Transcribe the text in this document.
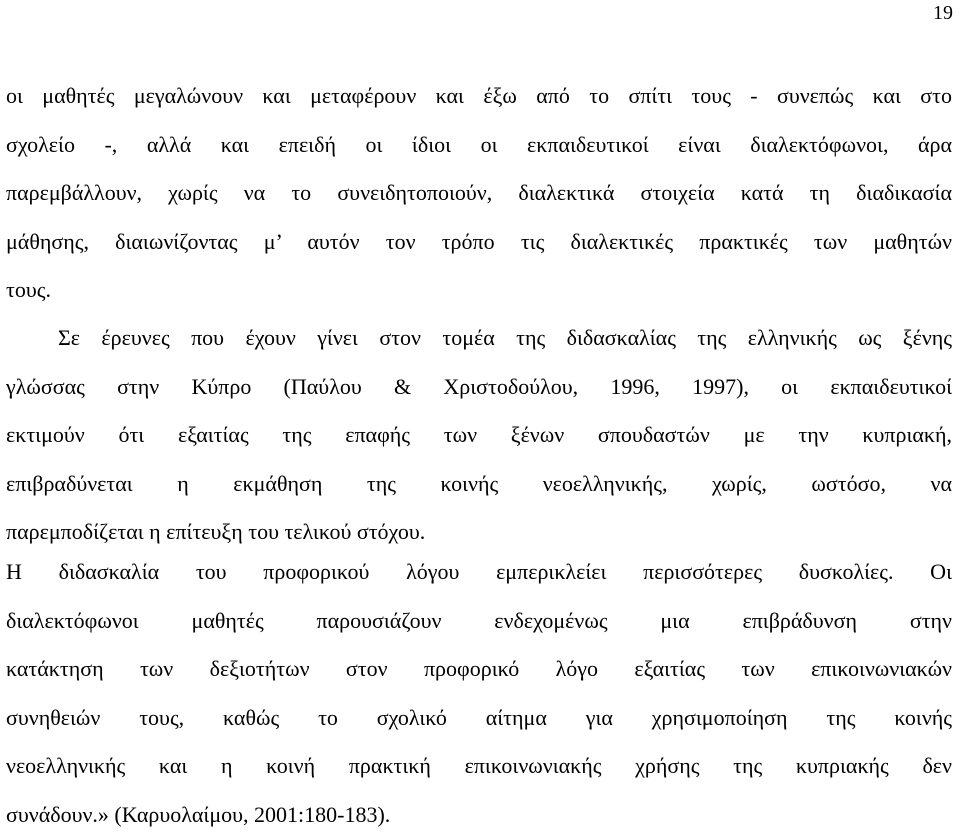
19
οι μαθητές μεγαλώνουν και μεταφέρουν και έξω από το σπίτι τους - συνεπώς και στο
σχολείο -, αλλά και επειδή οι ίδιοι οι εκπαιδευτικοί είναι διαλεκτόφωνοι, άρα
παρεμβάλλουν, χωρίς να το συνειδητοποιούν, διαλεκτικά στοιχεία κατά τη διαδικασία
μάθησης, διαιωνίζοντας μ’ αυτόν τον τρόπο τις διαλεκτικές πρακτικές των μαθητών
τους.
Σε έρευνες που έχουν γίνει στον τομέα της διδασκαλίας της ελληνικής ως ξένης
γλώσσας στην Κύπρο (Παύλου & Χριστοδούλου, 1996, 1997), οι εκπαιδευτικοί
εκτιμούν ότι εξαιτίας της επαφής των ξένων σπουδαστών με την κυπριακή,
επιβραδύνεται η εκμάθηση της κοινής νεοελληνικής, χωρίς, ωστόσο, να
παρεμποδίζεται η επίτευξη του τελικού στόχου.
Η διδασκαλία του προφορικού λόγου εμπερικλείει περισσότερες δυσκολίες. Οι
διαλεκτόφωνοι μαθητές παρουσιάζουν ενδεχομένως μια επιβράδυνση στην
κατάκτηση των δεξιοτήτων στον προφορικό λόγο εξαιτίας των επικοινωνιακών
συνηθειών τους, καθώς το σχολικό αίτημα για χρησιμοποίηση της κοινής
νεοελληνικής και η κοινή πρακτική επικοινωνιακής χρήσης της κυπριακής δεν
συνάδουν.» (Καρυολαίμου, 2001:180-183).
